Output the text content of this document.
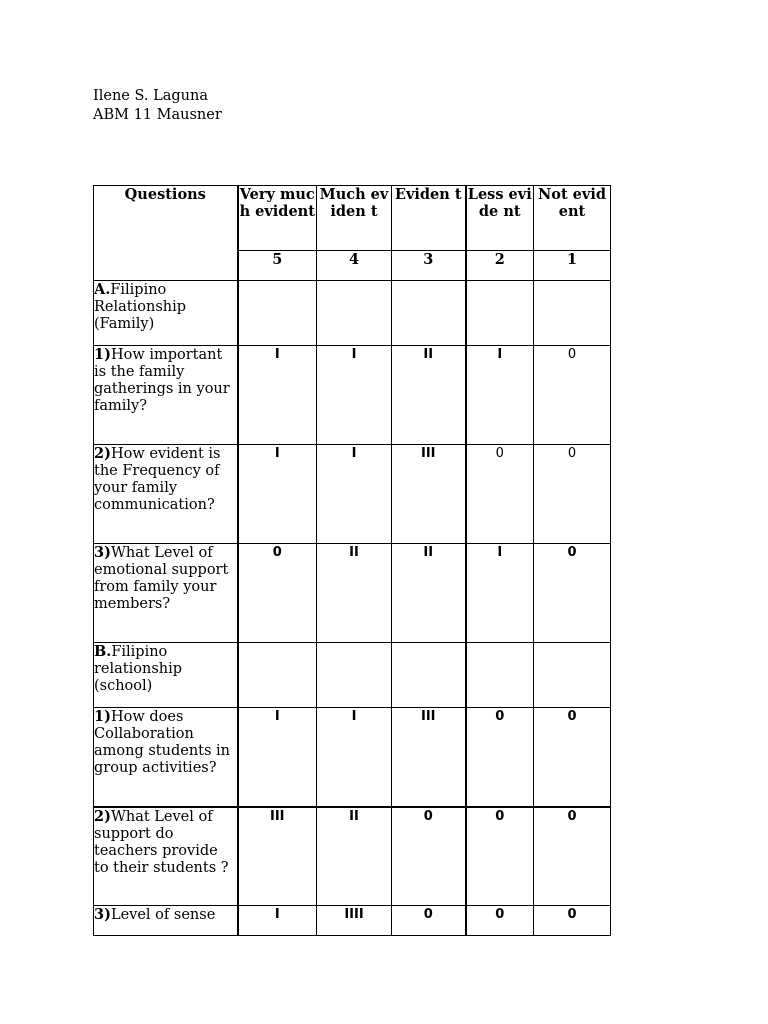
Ilene S. Laguna
ABM 11 Mausner
Questions	Very much evident	Much eviden t	Eviden t	Less evide nt	Not evident
	5	4	3	2	1
A.Filipino Relationship (Family)					
1)How important is the family gatherings in your family?	I	I	II	I	0
2)How evident is the Frequency of your family communication?	I	I	III	0	0
3)What Level of emotional support from family your members?	0	II	II	I	0
B.Filipino relationship (school)					
1)How does Collaboration among students in group activities?	I	I	III	0	0
2)What Level of support do teachers provide to their students ?	III	II	0	0	0
3)Level of sense	I	IIII	0	0	0
